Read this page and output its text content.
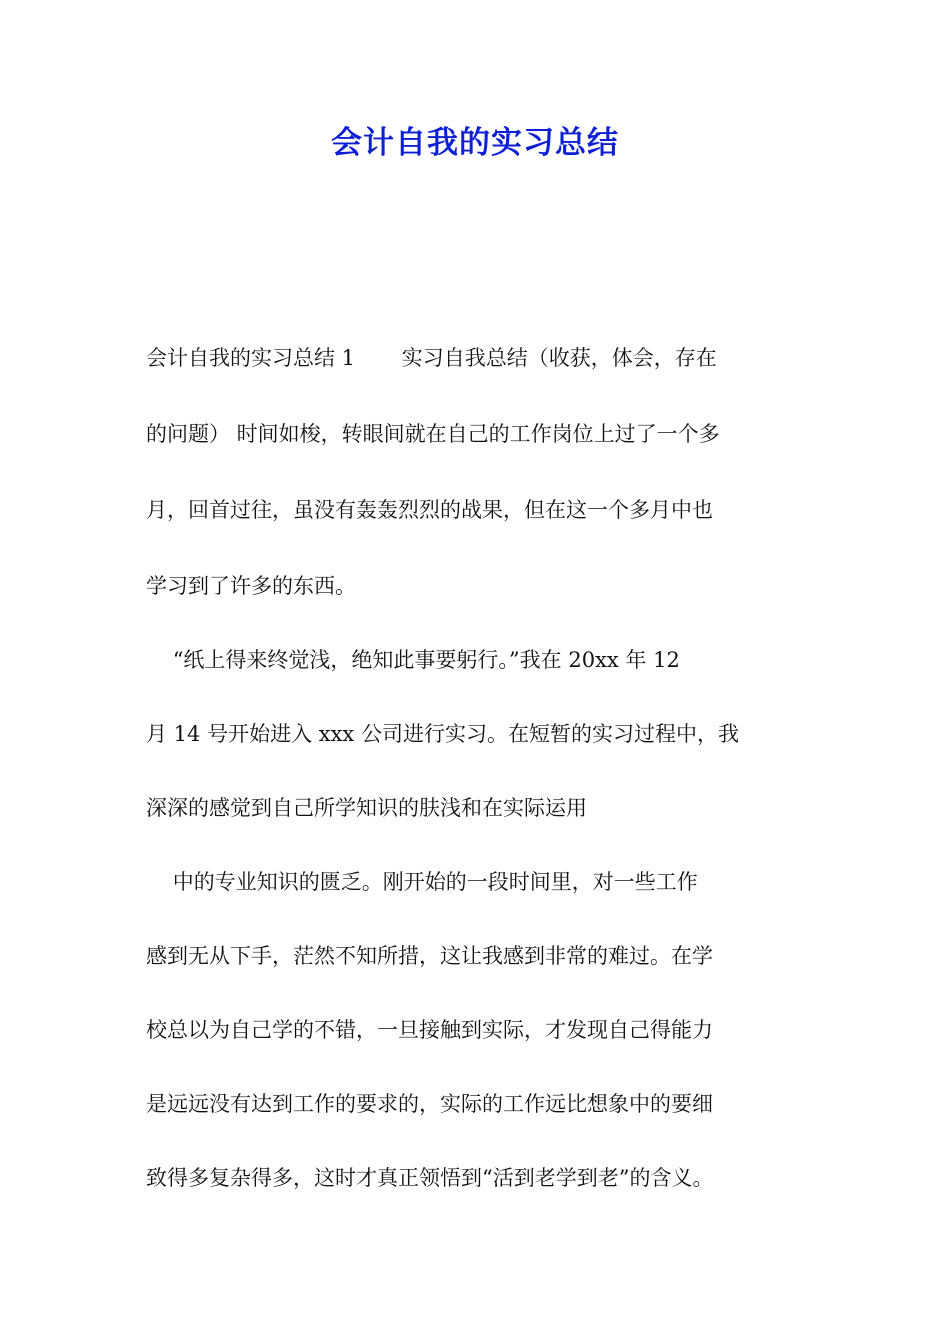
会计自我的实习总结
会计自我的实习总结 1       实习自我总结（收获，体会，存在
的问题） 时间如梭，转眼间就在自己的工作岗位上过了一个多
月，回首过往，虽没有轰轰烈烈的战果，但在这一个多月中也
学习到了许多的东西。
“纸上得来终觉浅，绝知此事要躬行。”我在 20xx 年 12
月 14 号开始进入 xxx 公司进行实习。在短暂的实习过程中，我
深深的感觉到自己所学知识的肤浅和在实际运用
中的专业知识的匮乏。刚开始的一段时间里，对一些工作
感到无从下手，茫然不知所措，这让我感到非常的难过。在学
校总以为自己学的不错，一旦接触到实际，才发现自己得能力
是远远没有达到工作的要求的，实际的工作远比想象中的要细
致得多复杂得多，这时才真正领悟到“活到老学到老”的含义。
